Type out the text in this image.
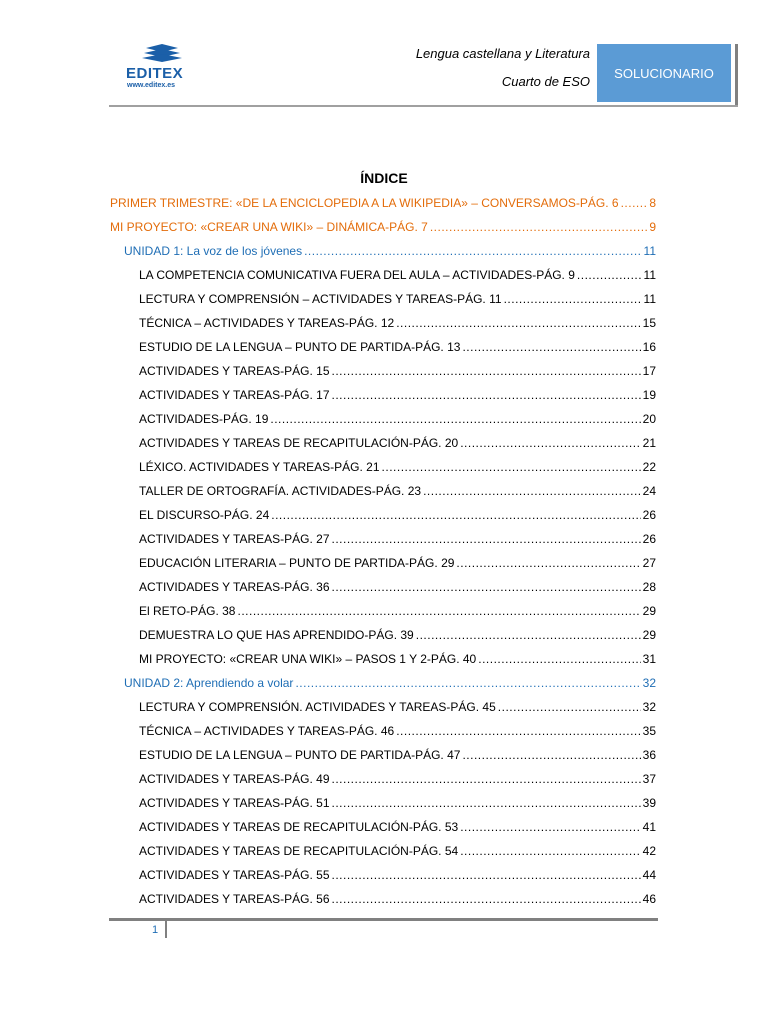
EDITEX
www.editex.es
Lengua castellana y Literatura
Cuarto de ESO
SOLUCIONARIO
ÍNDICE
PRIMER TRIMESTRE: «DE LA ENCICLOPEDIA A LA WIKIPEDIA» – CONVERSAMOS-PÁG. 6 .....	8
MI PROYECTO: «CREAR UNA WIKI» – DINÁMICA-PÁG. 7 .....	9
UNIDAD 1: La voz de los jóvenes .....	11
LA COMPETENCIA COMUNICATIVA FUERA DEL AULA – ACTIVIDADES-PÁG. 9 .....	11
LECTURA Y COMPRENSIÓN – ACTIVIDADES Y TAREAS-PÁG. 11 .....	11
TÉCNICA – ACTIVIDADES Y TAREAS-PÁG. 12 .....	15
ESTUDIO DE LA LENGUA – PUNTO DE PARTIDA-PÁG. 13 .....	16
ACTIVIDADES Y TAREAS-PÁG. 15 .....	17
ACTIVIDADES Y TAREAS-PÁG. 17 .....	19
ACTIVIDADES-PÁG. 19 .....	20
ACTIVIDADES Y TAREAS DE RECAPITULACIÓN-PÁG. 20 .....	21
LÉXICO. ACTIVIDADES Y TAREAS-PÁG. 21 .....	22
TALLER DE ORTOGRAFÍA. ACTIVIDADES-PÁG. 23 .....	24
EL DISCURSO-PÁG. 24 .....	26
ACTIVIDADES Y TAREAS-PÁG. 27 .....	26
EDUCACIÓN LITERARIA – PUNTO DE PARTIDA-PÁG. 29 .....	27
ACTIVIDADES Y TAREAS-PÁG. 36 .....	28
El RETO-PÁG. 38 .....	29
DEMUESTRA LO QUE HAS APRENDIDO-PÁG. 39 .....	29
MI PROYECTO: «CREAR UNA WIKI» – PASOS 1 Y 2-PÁG. 40 .....	31
UNIDAD 2: Aprendiendo a volar .....	32
LECTURA Y COMPRENSIÓN. ACTIVIDADES Y TAREAS-PÁG. 45 .....	32
TÉCNICA – ACTIVIDADES Y TAREAS-PÁG. 46 .....	35
ESTUDIO DE LA LENGUA – PUNTO DE PARTIDA-PÁG. 47 .....	36
ACTIVIDADES Y TAREAS-PÁG. 49 .....	37
ACTIVIDADES Y TAREAS-PÁG. 51 .....	39
ACTIVIDADES Y TAREAS DE RECAPITULACIÓN-PÁG. 53 .....	41
ACTIVIDADES Y TAREAS DE RECAPITULACIÓN-PÁG. 54 .....	42
ACTIVIDADES Y TAREAS-PÁG. 55 .....	44
ACTIVIDADES Y TAREAS-PÁG. 56 .....	46
1
